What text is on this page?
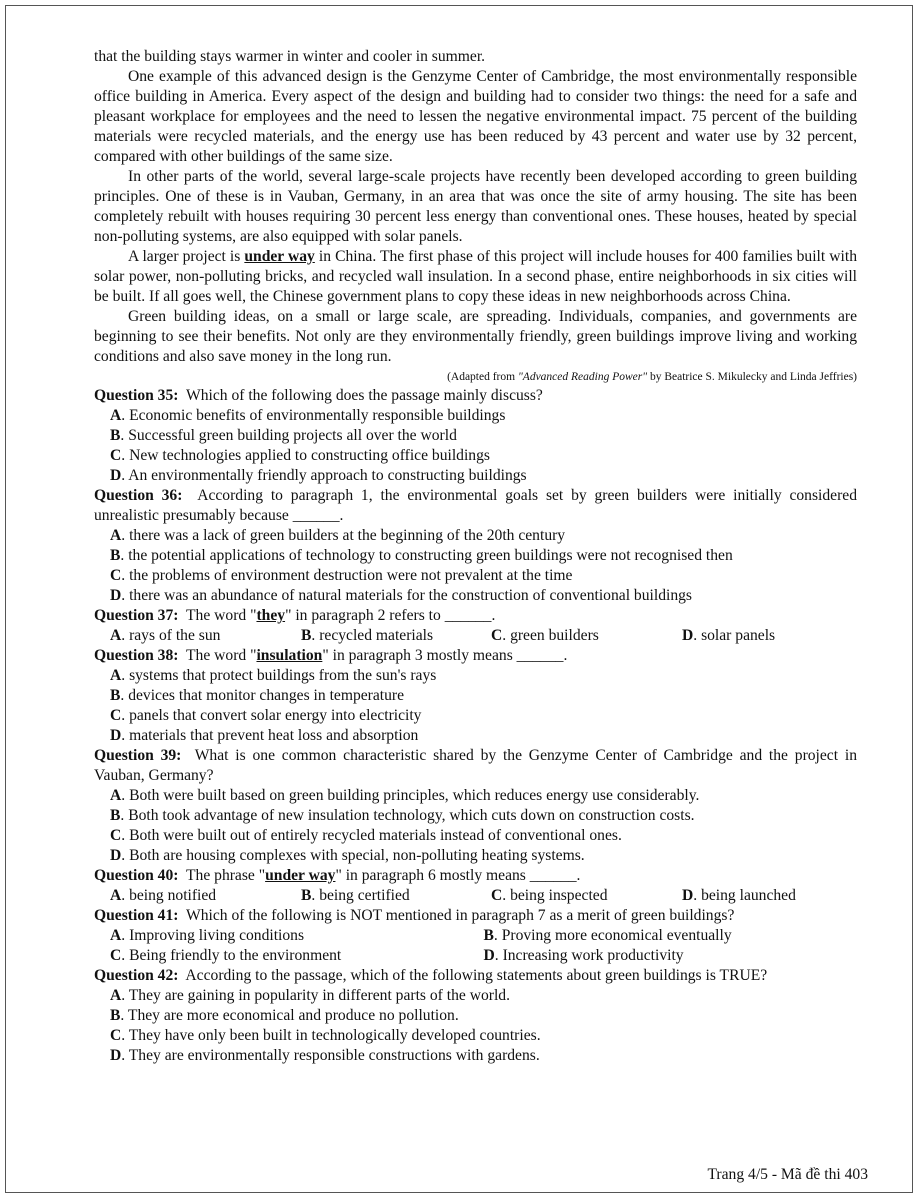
that the building stays warmer in winter and cooler in summer.

One example of this advanced design is the Genzyme Center of Cambridge, the most environmentally responsible office building in America. Every aspect of the design and building had to consider two things: the need for a safe and pleasant workplace for employees and the need to lessen the negative environmental impact. 75 percent of the building materials were recycled materials, and the energy use has been reduced by 43 percent and water use by 32 percent, compared with other buildings of the same size.

In other parts of the world, several large-scale projects have recently been developed according to green building principles. One of these is in Vauban, Germany, in an area that was once the site of army housing. The site has been completely rebuilt with houses requiring 30 percent less energy than conventional ones. These houses, heated by special non-polluting systems, are also equipped with solar panels.

A larger project is under way in China. The first phase of this project will include houses for 400 families built with solar power, non-polluting bricks, and recycled wall insulation. In a second phase, entire neighborhoods in six cities will be built. If all goes well, the Chinese government plans to copy these ideas in new neighborhoods across China.

Green building ideas, on a small or large scale, are spreading. Individuals, companies, and governments are beginning to see their benefits. Not only are they environmentally friendly, green buildings improve living and working conditions and also save money in the long run.

(Adapted from "Advanced Reading Power" by Beatrice S. Mikulecky and Linda Jeffries)

Question 35: Which of the following does the passage mainly discuss?

A. Economic benefits of environmentally responsible buildings

B. Successful green building projects all over the world

C. New technologies applied to constructing office buildings

D. An environmentally friendly approach to constructing buildings

Question 36: According to paragraph 1, the environmental goals set by green builders were initially considered unrealistic presumably because ______.

A. there was a lack of green builders at the beginning of the 20th century

B. the potential applications of technology to constructing green buildings were not recognised then

C. the problems of environment destruction were not prevalent at the time

D. there was an abundance of natural materials for the construction of conventional buildings

Question 37: The word "they" in paragraph 2 refers to ______.

A. rays of the sun	B. recycled materials	C. green builders	D. solar panels

Question 38: The word "insulation" in paragraph 3 mostly means ______.

A. systems that protect buildings from the sun's rays

B. devices that monitor changes in temperature

C. panels that convert solar energy into electricity

D. materials that prevent heat loss and absorption

Question 39: What is one common characteristic shared by the Genzyme Center of Cambridge and the project in Vauban, Germany?

A. Both were built based on green building principles, which reduces energy use considerably.

B. Both took advantage of new insulation technology, which cuts down on construction costs.

C. Both were built out of entirely recycled materials instead of conventional ones.

D. Both are housing complexes with special, non-polluting heating systems.

Question 40: The phrase "under way" in paragraph 6 mostly means ______.

A. being notified	B. being certified	C. being inspected	D. being launched

Question 41: Which of the following is NOT mentioned in paragraph 7 as a merit of green buildings?

A. Improving living conditions	B. Proving more economical eventually
C. Being friendly to the environment	D. Increasing work productivity

Question 42: According to the passage, which of the following statements about green buildings is TRUE?

A. They are gaining in popularity in different parts of the world.

B. They are more economical and produce no pollution.

C. They have only been built in technologically developed countries.

D. They are environmentally responsible constructions with gardens.

Trang 4/5 - Mã đề thi 403
